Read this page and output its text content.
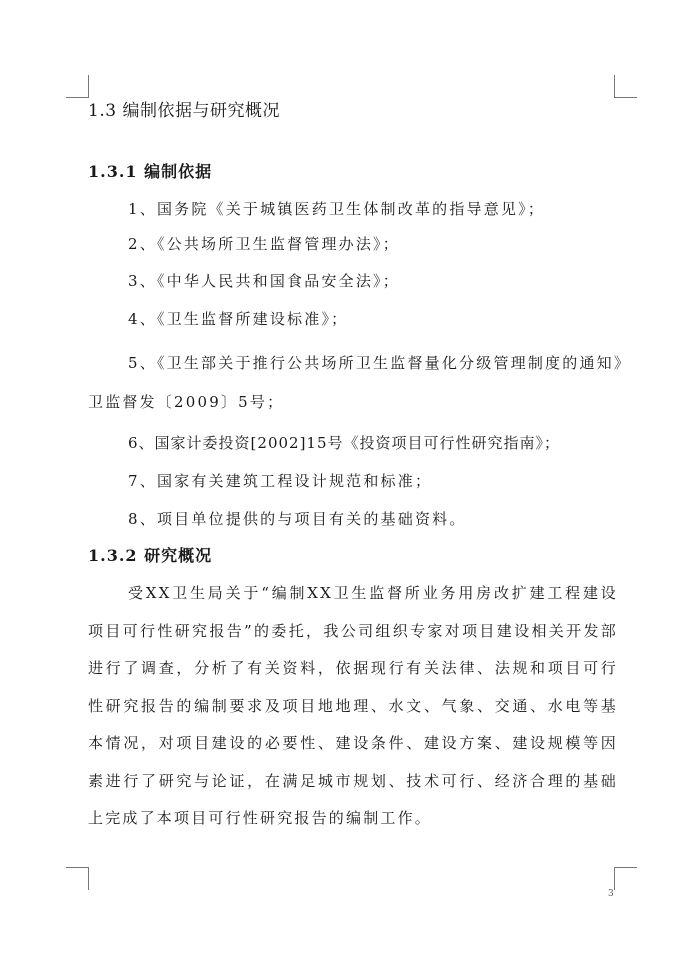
1.3 编制依据与研究概况
1.3.1 编制依据
1、国务院《关于城镇医药卫生体制改革的指导意见》；
2、《公共场所卫生监督管理办法》；
3、《中华人民共和国食品安全法》；
4、《卫生监督所建设标准》；
5、《卫生部关于推行公共场所卫生监督量化分级管理制度的通知》卫监督发〔2009〕5号；
6、国家计委投资[2002]15号《投资项目可行性研究指南》；
7、国家有关建筑工程设计规范和标准；
8、项目单位提供的与项目有关的基础资料。
1.3.2 研究概况
受XX卫生局关于“编制XX卫生监督所业务用房改扩建工程建设项目可行性研究报告”的委托，我公司组织专家对项目建设相关开发部进行了调查，分析了有关资料，依据现行有关法律、法规和项目可行性研究报告的编制要求及项目地地理、水文、气象、交通、水电等基本情况，对项目建设的必要性、建设条件、建设方案、建设规模等因素进行了研究与论证，在满足城市规划、技术可行、经济合理的基础上完成了本项目可行性研究报告的编制工作。
3
